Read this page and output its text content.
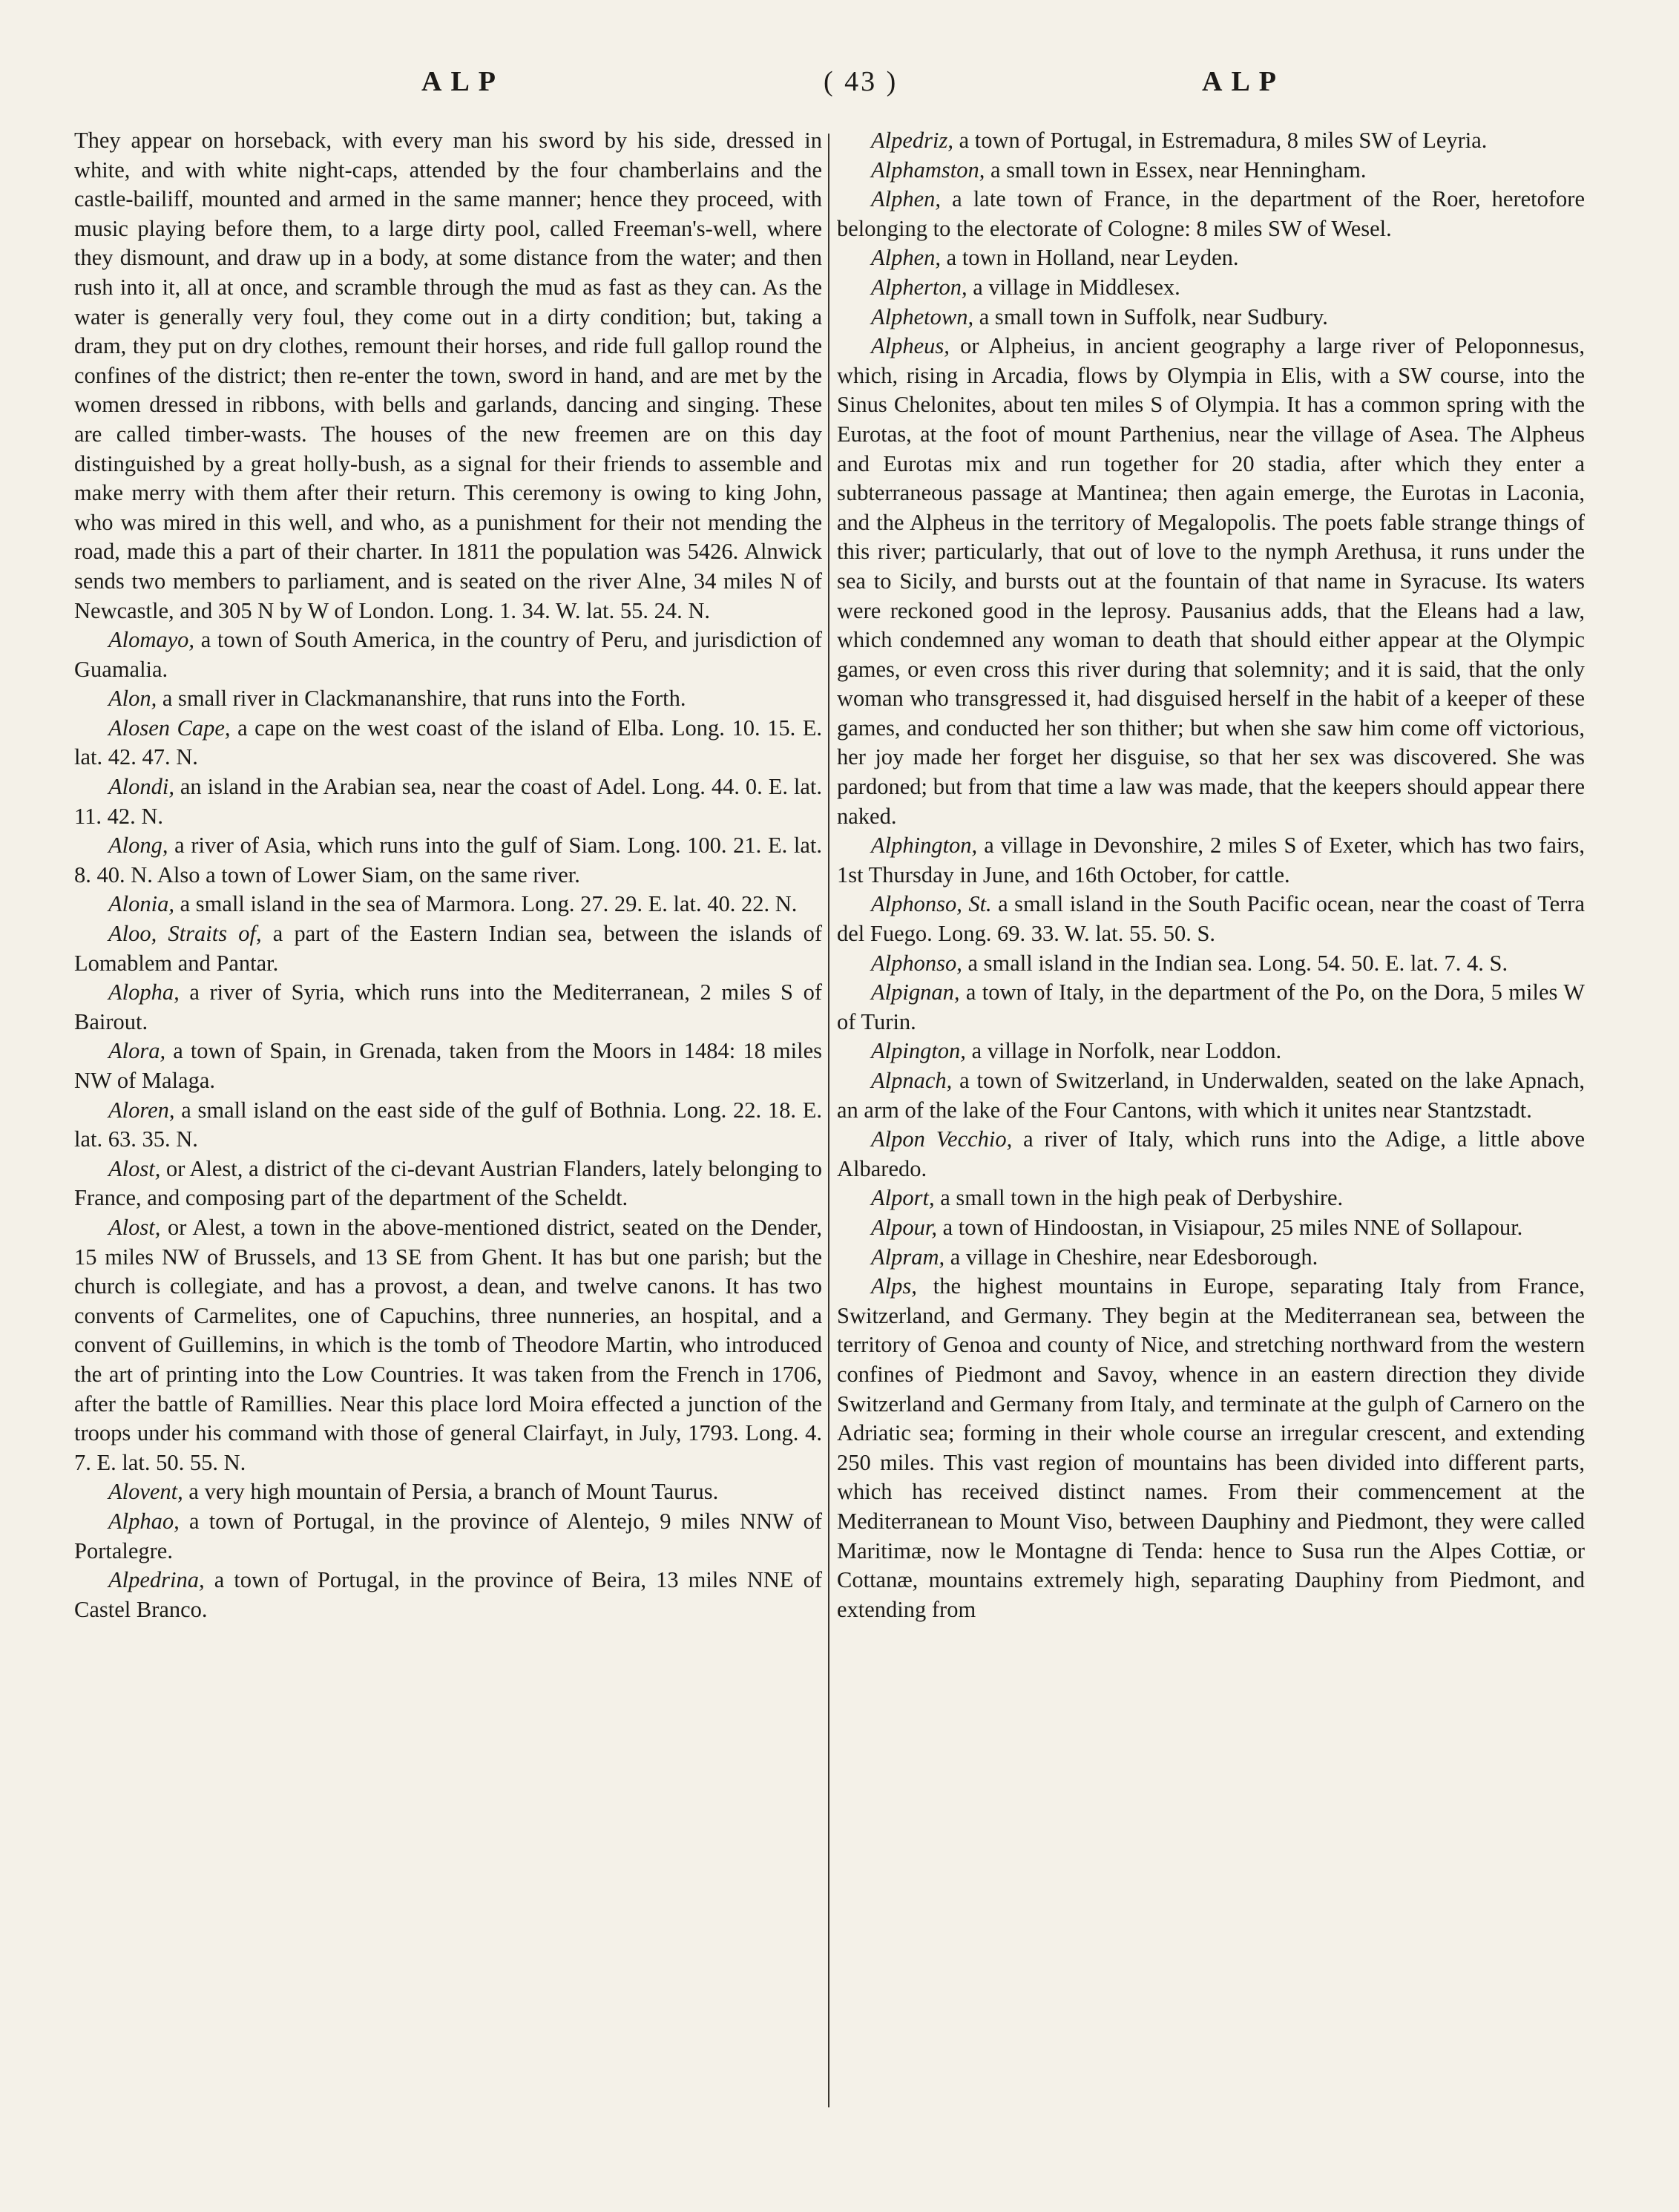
ALP	( 43 )	ALP

They appear on horseback, with every man his sword by his side, dressed in white, and with white night-caps, attended by the four chamberlains and the castle-bailiff, mounted and armed in the same manner; hence they proceed, with music playing before them, to a large dirty pool, called Freeman's-well, where they dismount, and draw up in a body, at some distance from the water; and then rush into it, all at once, and scramble through the mud as fast as they can. As the water is generally very foul, they come out in a dirty condition; but, taking a dram, they put on dry clothes, remount their horses, and ride full gallop round the confines of the district; then re-enter the town, sword in hand, and are met by the women dressed in ribbons, with bells and garlands, dancing and singing. These are called timber-wasts. The houses of the new freemen are on this day distinguished by a great holly-bush, as a signal for their friends to assemble and make merry with them after their return. This ceremony is owing to king John, who was mired in this well, and who, as a punishment for their not mending the road, made this a part of their charter. In 1811 the population was 5426. Alnwick sends two members to parliament, and is seated on the river Alne, 34 miles N of Newcastle, and 305 N by W of London. Long. 1. 34. W. lat. 55. 24. N.

Alomayo, a town of South America, in the country of Peru, and jurisdiction of Guamalia.

Alon, a small river in Clackmananshire, that runs into the Forth.

Alosen Cape, a cape on the west coast of the island of Elba. Long. 10. 15. E. lat. 42. 47. N.

Alondi, an island in the Arabian sea, near the coast of Adel. Long. 44. 0. E. lat. 11. 42. N.

Along, a river of Asia, which runs into the gulf of Siam. Long. 100. 21. E. lat. 8. 40. N. Also a town of Lower Siam, on the same river.

Alonia, a small island in the sea of Marmora. Long. 27. 29. E. lat. 40. 22. N.

Aloo, Straits of, a part of the Eastern Indian sea, between the islands of Lomablem and Pantar.

Alopha, a river of Syria, which runs into the Mediterranean, 2 miles S of Bairout.

Alora, a town of Spain, in Grenada, taken from the Moors in 1484: 18 miles NW of Malaga.

Aloren, a small island on the east side of the gulf of Bothnia. Long. 22. 18. E. lat. 63. 35. N.

Alost, or Alest, a district of the ci-devant Austrian Flanders, lately belonging to France, and composing part of the department of the Scheldt.

Alost, or Alest, a town in the above-mentioned district, seated on the Dender, 15 miles NW of Brussels, and 13 SE from Ghent. It has but one parish; but the church is collegiate, and has a provost, a dean, and twelve canons. It has two convents of Carmelites, one of Capuchins, three nunneries, an hospital, and a convent of Guillemins, in which is the tomb of Theodore Martin, who introduced the art of printing into the Low Countries. It was taken from the French in 1706, after the battle of Ramillies. Near this place lord Moira effected a junction of the troops under his command with those of general Clairfayt, in July, 1793. Long. 4. 7. E. lat. 50. 55. N.

Alovent, a very high mountain of Persia, a branch of Mount Taurus.

Alphao, a town of Portugal, in the province of Alentejo, 9 miles NNW of Portalegre.

Alpedrina, a town of Portugal, in the province of Beira, 13 miles NNE of Castel Branco.

Alpedriz, a town of Portugal, in Estremadura, 8 miles SW of Leyria.

Alphamston, a small town in Essex, near Henningham.

Alphen, a late town of France, in the department of the Roer, heretofore belonging to the electorate of Cologne: 8 miles SW of Wesel.

Alphen, a town in Holland, near Leyden.

Alpherton, a village in Middlesex.

Alphetown, a small town in Suffolk, near Sudbury.

Alpheus, or Alpheius, in ancient geography a large river of Peloponnesus, which, rising in Arcadia, flows by Olympia in Elis, with a SW course, into the Sinus Chelonites, about ten miles S of Olympia. It has a common spring with the Eurotas, at the foot of mount Parthenius, near the village of Asea. The Alpheus and Eurotas mix and run together for 20 stadia, after which they enter a subterraneous passage at Mantinea; then again emerge, the Eurotas in Laconia, and the Alpheus in the territory of Megalopolis. The poets fable strange things of this river; particularly, that out of love to the nymph Arethusa, it runs under the sea to Sicily, and bursts out at the fountain of that name in Syracuse. Its waters were reckoned good in the leprosy. Pausanius adds, that the Eleans had a law, which condemned any woman to death that should either appear at the Olympic games, or even cross this river during that solemnity; and it is said, that the only woman who transgressed it, had disguised herself in the habit of a keeper of these games, and conducted her son thither; but when she saw him come off victorious, her joy made her forget her disguise, so that her sex was discovered. She was pardoned; but from that time a law was made, that the keepers should appear there naked.

Alphington, a village in Devonshire, 2 miles S of Exeter, which has two fairs, 1st Thursday in June, and 16th October, for cattle.

Alphonso, St. a small island in the South Pacific ocean, near the coast of Terra del Fuego. Long. 69. 33. W. lat. 55. 50. S.

Alphonso, a small island in the Indian sea. Long. 54. 50. E. lat. 7. 4. S.

Alpignan, a town of Italy, in the department of the Po, on the Dora, 5 miles W of Turin.

Alpington, a village in Norfolk, near Loddon.

Alpnach, a town of Switzerland, in Underwalden, seated on the lake Apnach, an arm of the lake of the Four Cantons, with which it unites near Stantzstadt.

Alpon Vecchio, a river of Italy, which runs into the Adige, a little above Albaredo.

Alport, a small town in the high peak of Derbyshire.

Alpour, a town of Hindoostan, in Visiapour, 25 miles NNE of Sollapour.

Alpram, a village in Cheshire, near Edesborough.

Alps, the highest mountains in Europe, separating Italy from France, Switzerland, and Germany. They begin at the Mediterranean sea, between the territory of Genoa and county of Nice, and stretching northward from the western confines of Piedmont and Savoy, whence in an eastern direction they divide Switzerland and Germany from Italy, and terminate at the gulph of Carnero on the Adriatic sea; forming in their whole course an irregular crescent, and extending 250 miles. This vast region of mountains has been divided into different parts, which has received distinct names. From their commencement at the Mediterranean to Mount Viso, between Dauphiny and Piedmont, they were called Maritimæ, now le Montagne di Tenda: hence to Susa run the Alpes Cottiæ, or Cottanæ, mountains extremely high, separating Dauphiny from Piedmont, and extending from
